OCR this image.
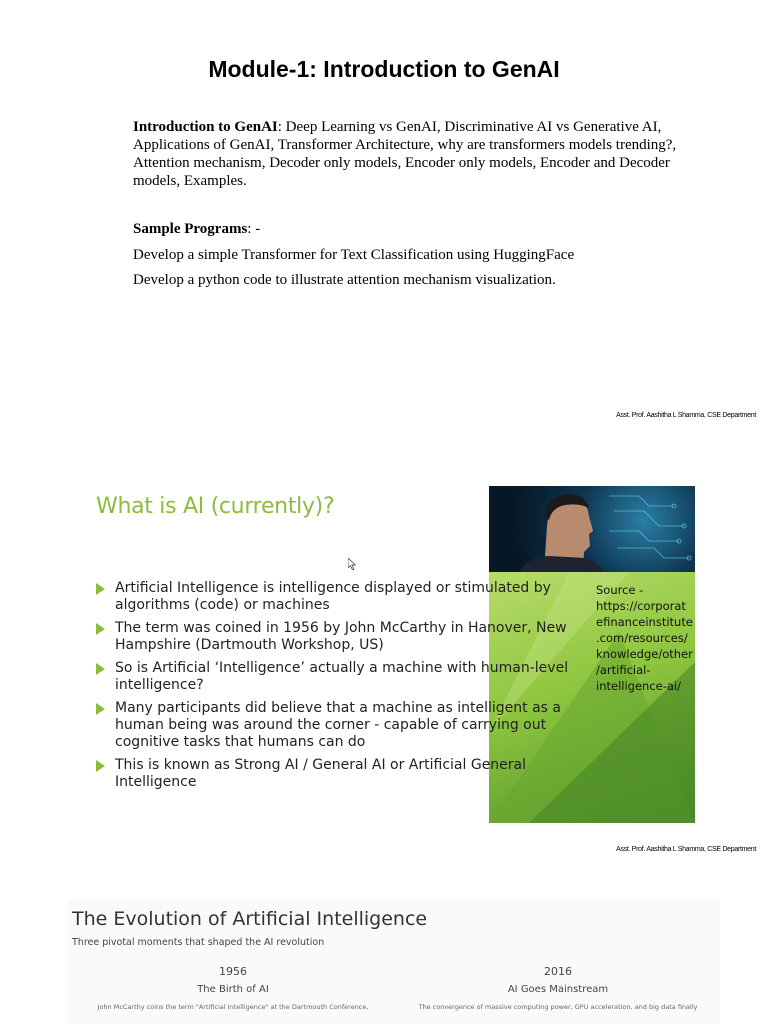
Module-1: Introduction to GenAI
Introduction to GenAI: Deep Learning vs GenAI, Discriminative AI vs Generative AI, Applications of GenAI, Transformer Architecture, why are transformers models trending?, Attention mechanism, Decoder only models, Encoder only models, Encoder and Decoder models, Examples.
Sample Programs: -
Develop a simple Transformer for Text Classification using HuggingFace
Develop a python code to illustrate attention mechanism visualization.
Asst. Prof. Aashitha L Shamma, CSE Department
What is AI (currently)?
Source -
https://corporat
efinanceinstitute
.com/resources/
knowledge/other
/artificial-
intelligence-ai/
Artificial Intelligence is intelligence displayed or stimulated by algorithms (code) or machines
The term was coined in 1956 by John McCarthy in Hanover, New Hampshire (Dartmouth Workshop, US)
So is Artificial ‘Intelligence’ actually a machine with human-level intelligence?
Many participants did believe that a machine as intelligent as a human being was around the corner - capable of carrying out cognitive tasks that humans can do
This is known as Strong AI / General AI or Artificial General Intelligence
Asst. Prof. Aashitha L Shamma, CSE Department
The Evolution of Artificial Intelligence
Three pivotal moments that shaped the AI revolution
1956
The Birth of AI
John McCarthy coins the term "Artificial Intelligence" at the Dartmouth Conference,
2016
AI Goes Mainstream
The convergence of massive computing power, GPU acceleration, and big data finally
